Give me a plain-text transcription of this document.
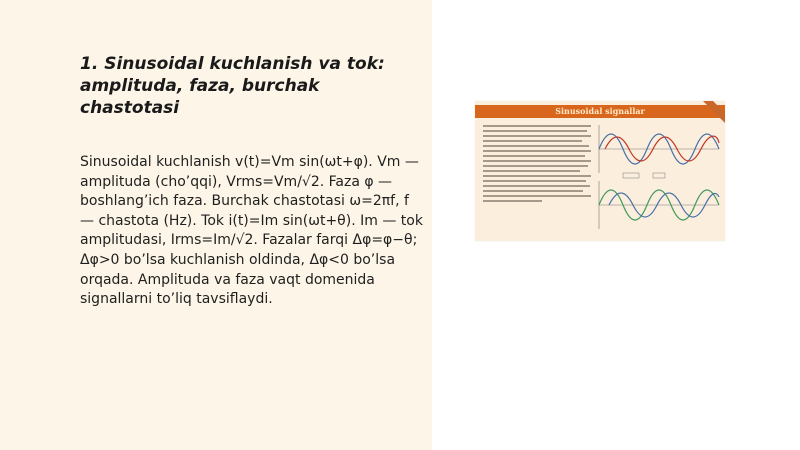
1. Sinusoidal kuchlanish va tok: amplituda, faza, burchak chastotasi

Sinusoidal kuchlanish v(t)=Vm sin(ωt+φ). Vm — amplituda (cho’qqi), Vrms=Vm/√2. Faza φ — boshlang’ich faza. Burchak chastotasi ω=2πf, f — chastota (Hz). Tok i(t)=Im sin(ωt+θ). Im — tok amplitudasi, Irms=Im/√2. Fazalar farqi Δφ=φ−θ; Δφ>0 bo’lsa kuchlanish oldinda, Δφ<0 bo’lsa orqada. Amplituda va faza vaqt domenida signallarni to’liq tavsiflaydi.

Sinusoidal signallar
